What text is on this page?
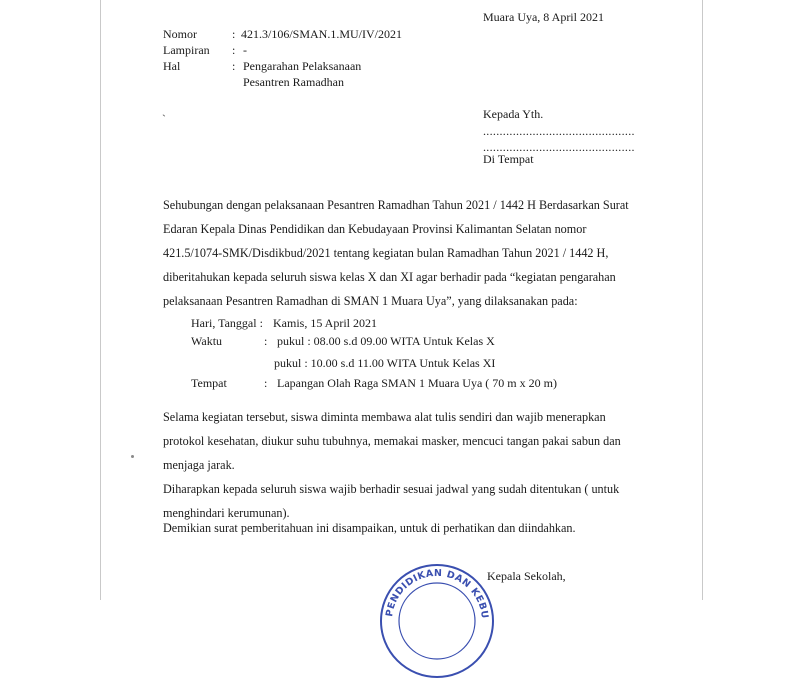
Muara Uya, 8 April 2021
Nomor	: 421.3/106/SMAN.1.MU/IV/2021
Lampiran : -
Hal	: Pengarahan Pelaksanaan
Pesantren Ramadhan
`	Kepada Yth.
..............................................
..............................................
Di Tempat
Sehubungan dengan pelaksanaan Pesantren Ramadhan Tahun 2021 / 1442 H Berdasarkan Surat
Edaran Kepala Dinas Pendidikan dan Kebudayaan Provinsi Kalimantan Selatan nomor
421.5/1074-SMK/Disdikbud/2021 tentang kegiatan bulan Ramadhan Tahun 2021 / 1442 H,
diberitahukan kepada seluruh siswa kelas X dan XI agar berhadir pada “kegiatan pengarahan
pelaksanaan Pesantren Ramadhan di SMAN 1 Muara Uya”, yang dilaksanakan pada:
Hari, Tanggal : Kamis, 15 April 2021
Waktu	: pukul : 08.00 s.d 09.00 WITA Untuk Kelas X
pukul : 10.00 s.d 11.00 WITA Untuk Kelas XI
Tempat	: Lapangan Olah Raga SMAN 1 Muara Uya ( 70 m x 20 m)
Selama kegiatan tersebut, siswa diminta membawa alat tulis sendiri dan wajib menerapkan
protokol kesehatan, diukur suhu tubuhnya, memakai masker, mencuci tangan pakai sabun dan
menjaga jarak.
Diharapkan kepada seluruh siswa wajib berhadir sesuai jadwal yang sudah ditentukan ( untuk
menghindari kerumunan).
Demikian surat pemberitahuan ini disampaikan, untuk di perhatikan dan diindahkan.
Kepala Sekolah,
PENDIDIKAN DAN KEBU
